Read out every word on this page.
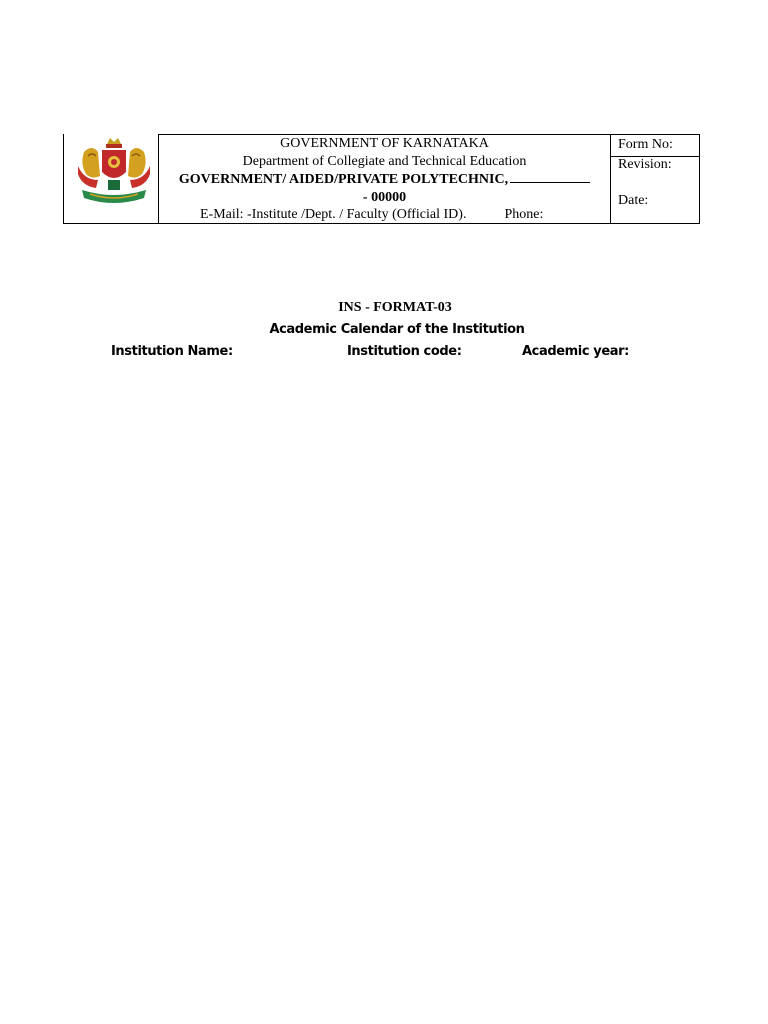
GOVERNMENT OF KARNATAKA
Department of Collegiate and Technical Education
GOVERNMENT/ AIDED/PRIVATE POLYTECHNIC,
- 00000
E-Mail: -Institute /Dept. / Faculty (Official ID).	Phone:
Form No:
Revision:
Date:
INS - FORMAT-03
Academic Calendar of the Institution
Institution Name:	Institution code:	Academic year:
